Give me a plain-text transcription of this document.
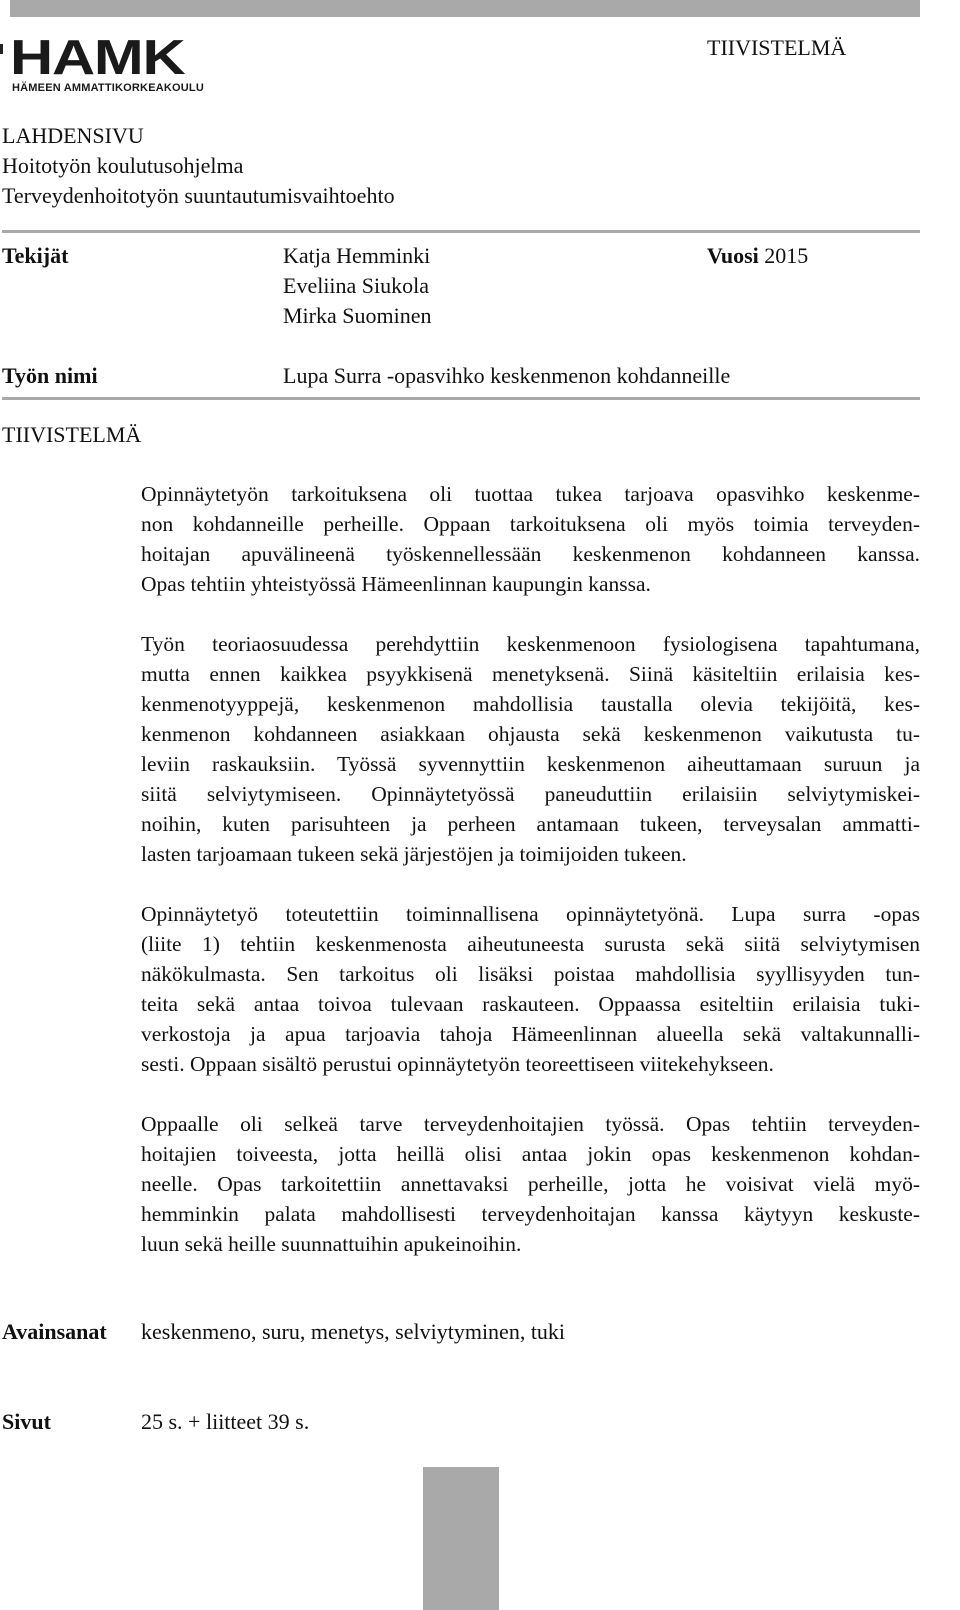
HAMK
HÄMEEN AMMATTIKORKEAKOULU
TIIVISTELMÄ
LAHDENSIVU
Hoitotyön koulutusohjelma
Terveydenhoitotyön suuntautumisvaihtoehto
Tekijät	Katja Hemminki
Eveliina Siukola
Mirka Suominen
Vuosi 2015
Työn nimi	Lupa Surra -opasvihko keskenmenon kohdanneille
TIIVISTELMÄ
Opinnäytetyön tarkoituksena oli tuottaa tukea tarjoava opasvihko keskenme-
non kohdanneille perheille. Oppaan tarkoituksena oli myös toimia terveyden-
hoitajan apuvälineenä työskennellessään keskenmenon kohdanneen kanssa.
Opas tehtiin yhteistyössä Hämeenlinnan kaupungin kanssa.
Työn teoriaosuudessa perehdyttiin keskenmenoon fysiologisena tapahtumana,
mutta ennen kaikkea psyykkisenä menetyksenä. Siinä käsiteltiin erilaisia kes-
kenmenotyyppejä, keskenmenon mahdollisia taustalla olevia tekijöitä, kes-
kenmenon kohdanneen asiakkaan ohjausta sekä keskenmenon vaikutusta tu-
leviin raskauksiin. Työssä syvennyttiin keskenmenon aiheuttamaan suruun ja
siitä selviytymiseen. Opinnäytetyössä paneuduttiin erilaisiin selviytymiskei-
noihin, kuten parisuhteen ja perheen antamaan tukeen, terveysalan ammatti-
lasten tarjoamaan tukeen sekä järjestöjen ja toimijoiden tukeen.
Opinnäytetyö toteutettiin toiminnallisena opinnäytetyönä. Lupa surra -opas
(liite 1) tehtiin keskenmenosta aiheutuneesta surusta sekä siitä selviytymisen
näkökulmasta. Sen tarkoitus oli lisäksi poistaa mahdollisia syyllisyyden tun-
teita sekä antaa toivoa tulevaan raskauteen. Oppaassa esiteltiin erilaisia tuki-
verkostoja ja apua tarjoavia tahoja Hämeenlinnan alueella sekä valtakunnalli-
sesti. Oppaan sisältö perustui opinnäytetyön teoreettiseen viitekehykseen.
Oppaalle oli selkeä tarve terveydenhoitajien työssä. Opas tehtiin terveyden-
hoitajien toiveesta, jotta heillä olisi antaa jokin opas keskenmenon kohdan-
neelle. Opas tarkoitettiin annettavaksi perheille, jotta he voisivat vielä myö-
hemminkin palata mahdollisesti terveydenhoitajan kanssa käytyyn keskuste-
luun sekä heille suunnattuihin apukeinoihin.
Avainsanat keskenmeno, suru, menetys, selviytyminen, tuki
Sivut	25 s. + liitteet 39 s.
